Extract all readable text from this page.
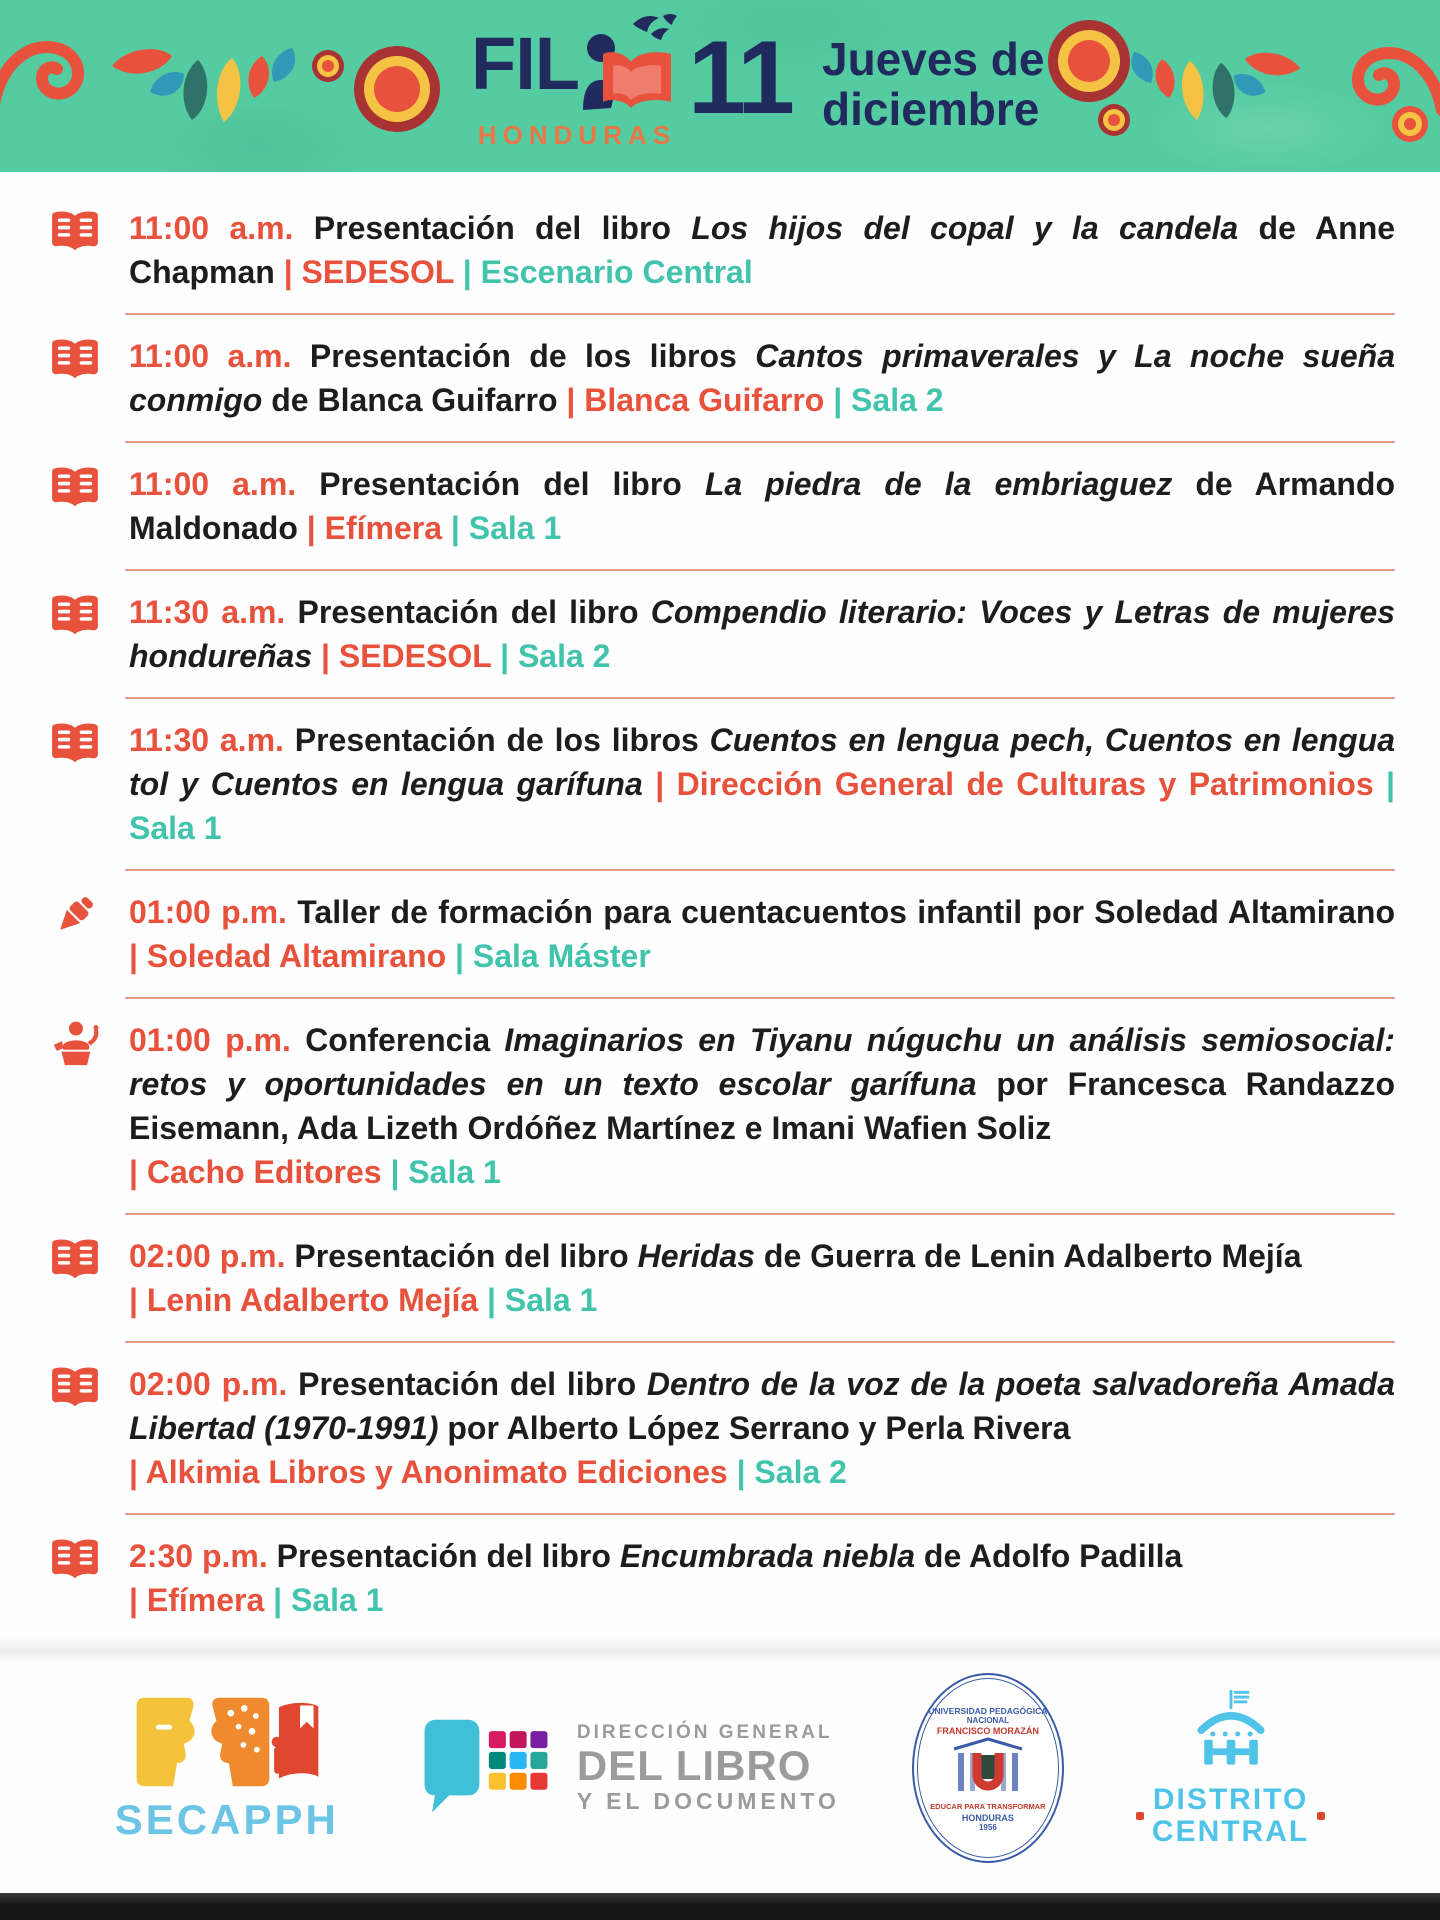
FIL
HONDURAS 11 Jueves de
diciembre

11:00 a.m. Presentación del libro Los hijos del copal y la candela de Anne Chapman | SEDESOL | Escenario Central

11:00 a.m. Presentación de los libros Cantos primaverales y La noche sueña conmigo de Blanca Guifarro | Blanca Guifarro | Sala 2

11:00 a.m. Presentación del libro La piedra de la embriaguez de Armando Maldonado | Efímera | Sala 1

11:30 a.m. Presentación del libro Compendio literario: Voces y Letras de mujeres hondureñas | SEDESOL | Sala 2

11:30 a.m. Presentación de los libros Cuentos en lengua pech, Cuentos en lengua tol y Cuentos en lengua garífuna | Dirección General de Culturas y Patrimonios | Sala 1

01:00 p.m. Taller de formación para cuentacuentos infantil por Soledad Altamirano | Soledad Altamirano | Sala Máster

01:00 p.m. Conferencia Imaginarios en Tiyanu núguchu un análisis semiosocial: retos y oportunidades en un texto escolar garífuna por Francesca Randazzo Eisemann, Ada Lizeth Ordóñez Martínez e Imani Wafien Soliz
| Cacho Editores | Sala 1

02:00 p.m. Presentación del libro Heridas de Guerra de Lenin Adalberto Mejía
| Lenin Adalberto Mejía | Sala 1

02:00 p.m. Presentación del libro Dentro de la voz de la poeta salvadoreña Amada Libertad (1970-1991) por Alberto López Serrano y Perla Rivera
| Alkimia Libros y Anonimato Ediciones | Sala 2

2:30 p.m. Presentación del libro Encumbrada niebla de Adolfo Padilla
| Efímera | Sala 1

SECAPPH
DIRECCIÓN GENERAL
DEL LIBRO
Y EL DOCUMENTO
UNIVERSIDAD PEDAGÓGICA
NACIONAL
FRANCISCO MORAZÁN
EDUCAR PARA TRANSFORMAR
HONDURAS
1956
DISTRITO
CENTRAL
